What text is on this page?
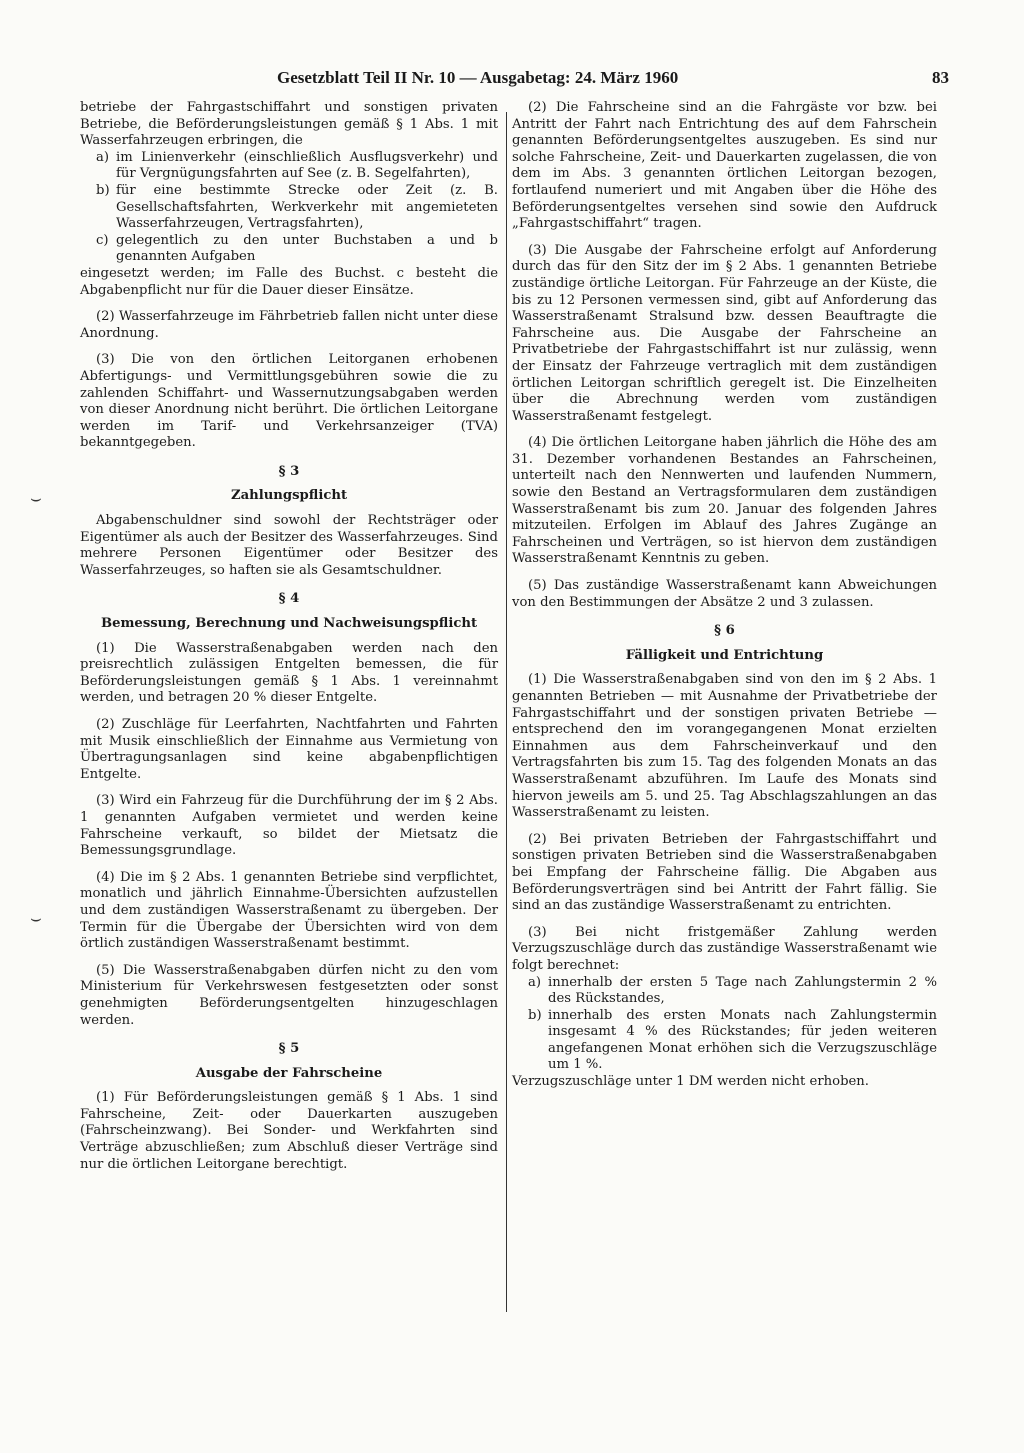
Gesetzblatt Teil II Nr. 10 — Ausgabetag: 24. März 1960	83
⌣
⌣

betriebe der Fahrgastschiffahrt und sonstigen privaten Betriebe, die Beförderungsleistungen gemäß § 1 Abs. 1 mit Wasserfahrzeugen erbringen, die

a) im Linienverkehr (einschließlich Ausflugsverkehr) und für Vergnügungsfahrten auf See (z. B. Segelfahrten),
b) für eine bestimmte Strecke oder Zeit (z. B. Gesellschaftsfahrten, Werkverkehr mit angemieteten Wasserfahrzeugen, Vertragsfahrten),
c) gelegentlich zu den unter Buchstaben a und b genannten Aufgaben

eingesetzt werden; im Falle des Buchst. c besteht die Abgabenpflicht nur für die Dauer dieser Einsätze.

(2) Wasserfahrzeuge im Fährbetrieb fallen nicht unter diese Anordnung.

(3) Die von den örtlichen Leitorganen erhobenen Abfertigungs- und Vermittlungsgebühren sowie die zu zahlenden Schiffahrt- und Wassernutzungsabgaben werden von dieser Anordnung nicht berührt. Die örtlichen Leitorgane werden im Tarif- und Verkehrsanzeiger (TVA) bekanntgegeben.

§ 3
Zahlungspflicht

Abgabenschuldner sind sowohl der Rechtsträger oder Eigentümer als auch der Besitzer des Wasserfahrzeuges. Sind mehrere Personen Eigentümer oder Besitzer des Wasserfahrzeuges, so haften sie als Gesamtschuldner.

§ 4
Bemessung, Berechnung und Nachweisungspflicht

(1) Die Wasserstraßenabgaben werden nach den preisrechtlich zulässigen Entgelten bemessen, die für Beförderungsleistungen gemäß § 1 Abs. 1 vereinnahmt werden, und betragen 20 % dieser Entgelte.

(2) Zuschläge für Leerfahrten, Nachtfahrten und Fahrten mit Musik einschließlich der Einnahme aus Vermietung von Übertragungsanlagen sind keine abgabenpflichtigen Entgelte.

(3) Wird ein Fahrzeug für die Durchführung der im § 2 Abs. 1 genannten Aufgaben vermietet und werden keine Fahrscheine verkauft, so bildet der Mietsatz die Bemessungsgrundlage.

(4) Die im § 2 Abs. 1 genannten Betriebe sind verpflichtet, monatlich und jährlich Einnahme-Übersichten aufzustellen und dem zuständigen Wasserstraßenamt zu übergeben. Der Termin für die Übergabe der Übersichten wird von dem örtlich zuständigen Wasserstraßenamt bestimmt.

(5) Die Wasserstraßenabgaben dürfen nicht zu den vom Ministerium für Verkehrswesen festgesetzten oder sonst genehmigten Beförderungsentgelten hinzugeschlagen werden.

§ 5
Ausgabe der Fahrscheine

(1) Für Beförderungsleistungen gemäß § 1 Abs. 1 sind Fahrscheine, Zeit- oder Dauerkarten auszugeben (Fahrscheinzwang). Bei Sonder- und Werkfahrten sind Verträge abzuschließen; zum Abschluß dieser Verträge sind nur die örtlichen Leitorgane berechtigt.

(2) Die Fahrscheine sind an die Fahrgäste vor bzw. bei Antritt der Fahrt nach Entrichtung des auf dem Fahrschein genannten Beförderungsentgeltes auszugeben. Es sind nur solche Fahrscheine, Zeit- und Dauerkarten zugelassen, die von dem im Abs. 3 genannten örtlichen Leitorgan bezogen, fortlaufend numeriert und mit Angaben über die Höhe des Beförderungsentgeltes versehen sind sowie den Aufdruck „Fahrgastschiffahrt“ tragen.

(3) Die Ausgabe der Fahrscheine erfolgt auf Anforderung durch das für den Sitz der im § 2 Abs. 1 genannten Betriebe zuständige örtliche Leitorgan. Für Fahrzeuge an der Küste, die bis zu 12 Personen vermessen sind, gibt auf Anforderung das Wasserstraßenamt Stralsund bzw. dessen Beauftragte die Fahrscheine aus. Die Ausgabe der Fahrscheine an Privatbetriebe der Fahrgastschiffahrt ist nur zulässig, wenn der Einsatz der Fahrzeuge vertraglich mit dem zuständigen örtlichen Leitorgan schriftlich geregelt ist. Die Einzelheiten über die Abrechnung werden vom zuständigen Wasserstraßenamt festgelegt.

(4) Die örtlichen Leitorgane haben jährlich die Höhe des am 31. Dezember vorhandenen Bestandes an Fahrscheinen, unterteilt nach den Nennwerten und laufenden Nummern, sowie den Bestand an Vertragsformularen dem zuständigen Wasserstraßenamt bis zum 20. Januar des folgenden Jahres mitzuteilen. Erfolgen im Ablauf des Jahres Zugänge an Fahrscheinen und Verträgen, so ist hiervon dem zuständigen Wasserstraßenamt Kenntnis zu geben.

(5) Das zuständige Wasserstraßenamt kann Abweichungen von den Bestimmungen der Absätze 2 und 3 zulassen.

§ 6
Fälligkeit und Entrichtung

(1) Die Wasserstraßenabgaben sind von den im § 2 Abs. 1 genannten Betrieben — mit Ausnahme der Privatbetriebe der Fahrgastschiffahrt und der sonstigen privaten Betriebe — entsprechend den im vorangegangenen Monat erzielten Einnahmen aus dem Fahrscheinverkauf und den Vertragsfahrten bis zum 15. Tag des folgenden Monats an das Wasserstraßenamt abzuführen. Im Laufe des Monats sind hiervon jeweils am 5. und 25. Tag Abschlagszahlungen an das Wasserstraßenamt zu leisten.

(2) Bei privaten Betrieben der Fahrgastschiffahrt und sonstigen privaten Betrieben sind die Wasserstraßenabgaben bei Empfang der Fahrscheine fällig. Die Abgaben aus Beförderungsverträgen sind bei Antritt der Fahrt fällig. Sie sind an das zuständige Wasserstraßenamt zu entrichten.

(3) Bei nicht fristgemäßer Zahlung werden Verzugszuschläge durch das zuständige Wasserstraßenamt wie folgt berechnet:

a) innerhalb der ersten 5 Tage nach Zahlungstermin 2 % des Rückstandes,
b) innerhalb des ersten Monats nach Zahlungstermin insgesamt 4 % des Rückstandes; für jeden weiteren angefangenen Monat erhöhen sich die Verzugszuschläge um 1 %.

Verzugszuschläge unter 1 DM werden nicht erhoben.
